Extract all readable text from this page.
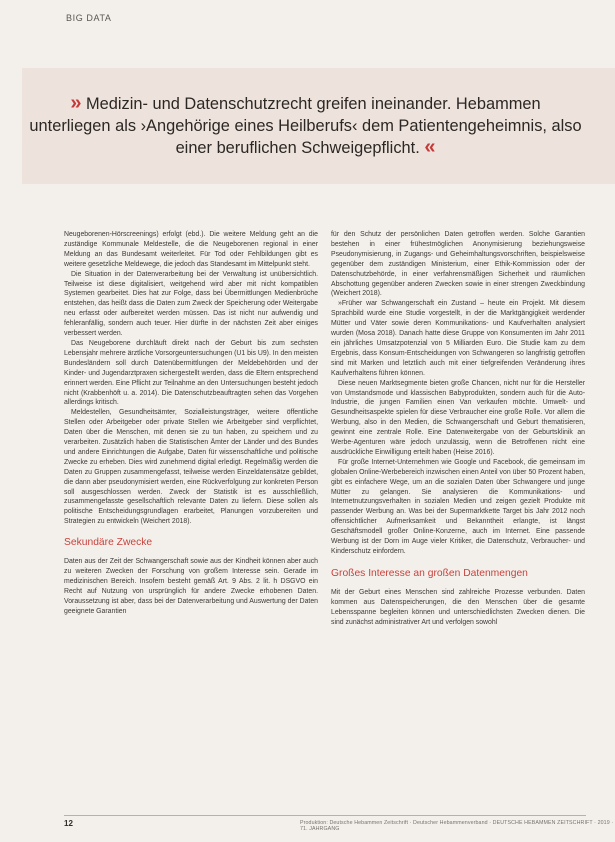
BIG DATA
» Medizin- und Datenschutzrecht greifen ineinander. Hebammen unterliegen als ›Angehörige eines Heilberufs‹ dem Patientengeheimnis, also einer beruflichen Schweigepflicht. «

Neugeborenen-Hörscreenings) erfolgt (ebd.). Die weitere Meldung geht an die zuständige Kommunale Meldestelle, die die Neugeborenen regional in einer Meldung an das Bundesamt weiterleitet. Für Tod oder Fehlbildungen gibt es weitere gesetzliche Meldewege, die jedoch das Standesamt im Mittelpunkt steht.

Die Situation in der Datenverarbeitung bei der Verwaltung ist unübersichtlich. Teilweise ist diese digitalisiert, weitgehend wird aber mit nicht kompatiblen Systemen gearbeitet. Dies hat zur Folge, dass bei Übermittlungen Medienbrüche entstehen, das heißt dass die Daten zum Zweck der Speicherung oder Weitergabe neu erfasst oder aufbereitet werden müssen. Das ist nicht nur aufwendig und fehleranfällig, sondern auch teuer. Hier dürfte in der nächsten Zeit aber einiges verbessert werden.

Das Neugeborene durchläuft direkt nach der Geburt bis zum sechsten Lebensjahr mehrere ärztliche Vorsorgeuntersuchungen (U1 bis U9). In den meisten Bundesländern soll durch Datenübermittlungen der Meldebehörden und der Kinder- und Jugendarztpraxen sichergestellt werden, dass die Eltern entsprechend erinnert werden. Eine Pflicht zur Teilnahme an den Untersuchungen besteht jedoch nicht (Krabbenhöft u. a. 2014). Die Datenschutzbeauftragten sehen das Vorgehen allerdings kritisch.

Meldestellen, Gesundheitsämter, Sozialleistungsträger, weitere öffentliche Stellen oder Arbeitgeber oder private Stellen wie Arbeitgeber sind verpflichtet, Daten über die Menschen, mit denen sie zu tun haben, zu speichern und zu verarbeiten. Zusätzlich haben die Statistischen Ämter der Länder und des Bundes und andere Einrichtungen die Aufgabe, Daten für wissenschaftliche und politische Zwecke zu erheben. Dies wird zunehmend digital erledigt. Regelmäßig werden die Daten zu Gruppen zusammengefasst, teilweise werden Einzeldatensätze gebildet, die dann aber pseudonymisiert werden, eine Rückverfolgung zur konkreten Person soll ausgeschlossen werden. Zweck der Statistik ist es ausschließlich, zusammengefasste gesellschaftlich relevante Daten zu liefern. Diese sollen als politische Entscheidungsgrundlagen erarbeitet, Planungen vorzubereiten und Strategien zu entwickeln (Weichert 2018).

Sekundäre Zwecke

Daten aus der Zeit der Schwangerschaft sowie aus der Kindheit können aber auch zu weiteren Zwecken der Forschung von großem Interesse sein. Gerade im medizinischen Bereich. Insofern besteht gemäß Art. 9 Abs. 2 lit. h DSGVO ein Recht auf Nutzung von ursprünglich für andere Zwecke erhobenen Daten. Voraussetzung ist aber, dass bei der Datenverarbeitung und Auswertung der Daten geeignete Garantien

für den Schutz der persönlichen Daten getroffen werden. Solche Garantien bestehen in einer frühestmöglichen Anonymisierung beziehungsweise Pseudonymisierung, in Zugangs- und Geheimhaltungsvorschriften, beispielsweise gegenüber dem zuständigen Ministerium, einer Ethik-Kommission oder der Datenschutzbehörde, in einer verfahrensmäßigen Sicherheit und räumlichen Abschottung gegenüber anderen Zwecken sowie in einer strengen Zweckbindung (Weichert 2018).

»Früher war Schwangerschaft ein Zustand – heute ein Projekt. Mit diesem Sprachbild wurde eine Studie vorgestellt, in der die Marktgängigkeit werdender Mütter und Väter sowie deren Kommunikations- und Kaufverhalten analysiert wurden (Mosa 2018). Danach hatte diese Gruppe von Konsumenten im Jahr 2011 ein jährliches Umsatzpotenzial von 5 Milliarden Euro. Die Studie kam zu dem Ergebnis, dass Konsum-Entscheidungen von Schwangeren so langfristig getroffen sind mit Marken und letztlich auch mit einer tiefgreifenden Veränderung ihres Kaufverhaltens führen können.

Diese neuen Marktsegmente bieten große Chancen, nicht nur für die Hersteller von Umstandsmode und klassischen Babyprodukten, sondern auch für die Auto-Industrie, die jungen Familien einen Van verkaufen möchte. Umwelt- und Gesundheitsaspekte spielen für diese Verbraucher eine große Rolle. Vor allem die Werbung, also in den Medien, die Schwangerschaft und Geburt thematisieren, gewinnt eine zentrale Rolle. Eine Datenweitergabe von der Geburtsklinik an Werbe-Agenturen wäre jedoch unzulässig, wenn die Betroffenen nicht eine ausdrückliche Einwilligung erteilt haben (Heise 2016).

Für große Internet-Unternehmen wie Google und Facebook, die gemeinsam im globalen Online-Werbebereich inzwischen einen Anteil von über 50 Prozent haben, gibt es einfachere Wege, um an die sozialen Daten über Schwangere und junge Mütter zu gelangen. Sie analysieren die Kommunikations- und Internetnutzungsverhalten in sozialen Medien und zeigen gezielt Produkte mit passender Werbung an. Was bei der Supermarktkette Target bis Jahr 2012 noch offensichtlicher Aufmerksamkeit und Bekanntheit erlangte, ist längst Geschäftsmodell großer Online-Konzerne, auch im Internet. Eine passende Werbung ist der Dorn im Auge vieler Kritiker, die Datenschutz, Verbraucher- und Kinderschutz einfordern.

Großes Interesse an großen Datenmengen

Mit der Geburt eines Menschen sind zahlreiche Prozesse verbunden. Daten kommen aus Datenspeicherungen, die den Menschen über die gesamte Lebensspanne begleiten können und unterschiedlichsten Zwecken dienen. Die sind zunächst administrativer Art und verfolgen sowohl

12	Produktion: Deutsche Hebammen Zeitschrift · Deutscher Hebammenverband · DEUTSCHE HEBAMMEN ZEITSCHRIFT · 2019 · 71. JAHRGANG
